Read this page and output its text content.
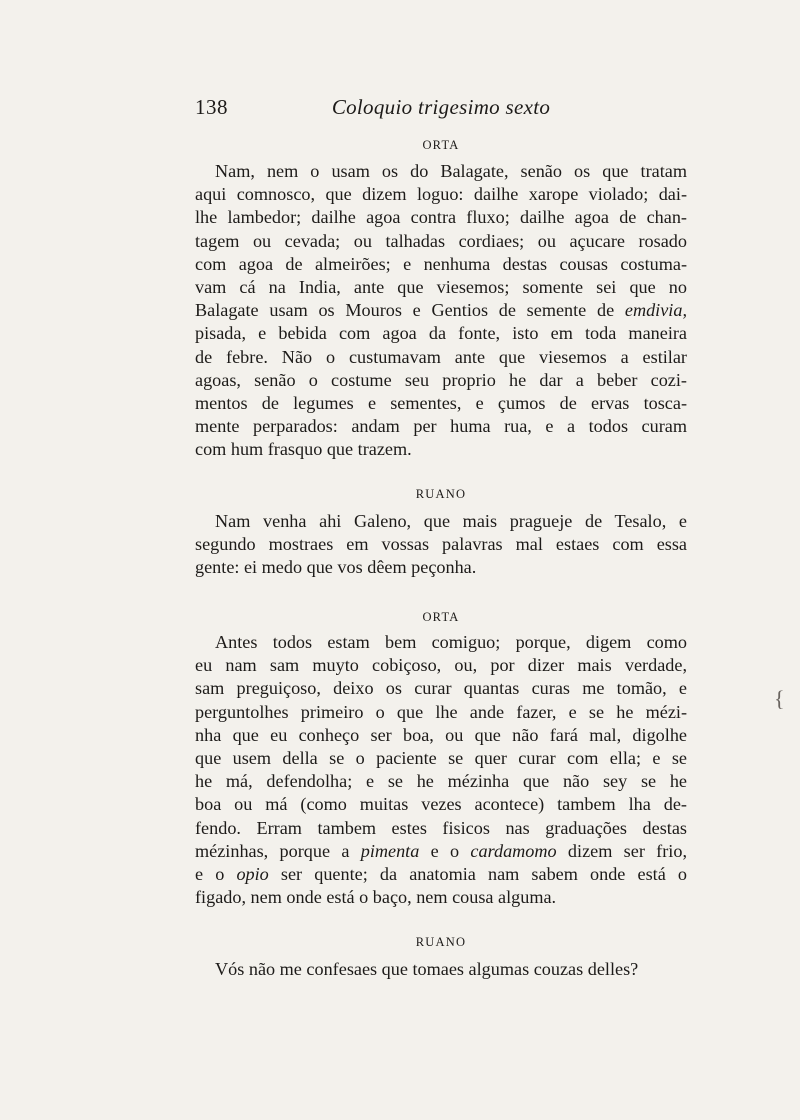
138	Coloquio trigesimo sexto
ORTA
Nam, nem o usam os do Balagate, senão os que tratam
aqui comnosco, que dizem loguo: dailhe xarope violado; dai-
lhe lambedor; dailhe agoa contra fluxo; dailhe agoa de chan-
tagem ou cevada; ou talhadas cordiaes; ou açucare rosado
com agoa de almeirões; e nenhuma destas cousas costuma-
vam cá na India, ante que viesemos; somente sei que no
Balagate usam os Mouros e Gentios de semente de emdivia,
pisada, e bebida com agoa da fonte, isto em toda maneira
de febre. Não o custumavam ante que viesemos a estilar
agoas, senão o costume seu proprio he dar a beber cozi-
mentos de legumes e sementes, e çumos de ervas tosca-
mente perparados: andam per huma rua, e a todos curam
com hum frasquo que trazem.
RUANO
Nam venha ahi Galeno, que mais pragueje de Tesalo, e
segundo mostraes em vossas palavras mal estaes com essa
gente: ei medo que vos dêem peçonha.
ORTA
Antes todos estam bem comiguo; porque, digem como
eu nam sam muyto cobiçoso, ou, por dizer mais verdade,
sam preguiçoso, deixo os curar quantas curas me tomão, e
perguntolhes primeiro o que lhe ande fazer, e se he mézi-
nha que eu conheço ser boa, ou que não fará mal, digolhe
que usem della se o paciente se quer curar com ella; e se
he má, defendolha; e se he mézinha que não sey se he
boa ou má (como muitas vezes acontece) tambem lha de-
fendo. Erram tambem estes fisicos nas graduações destas
mézinhas, porque a pimenta e o cardamomo dizem ser frio,
e o opio ser quente; da anatomia nam sabem onde está o
figado, nem onde está o baço, nem cousa alguma.
RUANO
Vós não me confesaes que tomaes algumas couzas delles?
{
